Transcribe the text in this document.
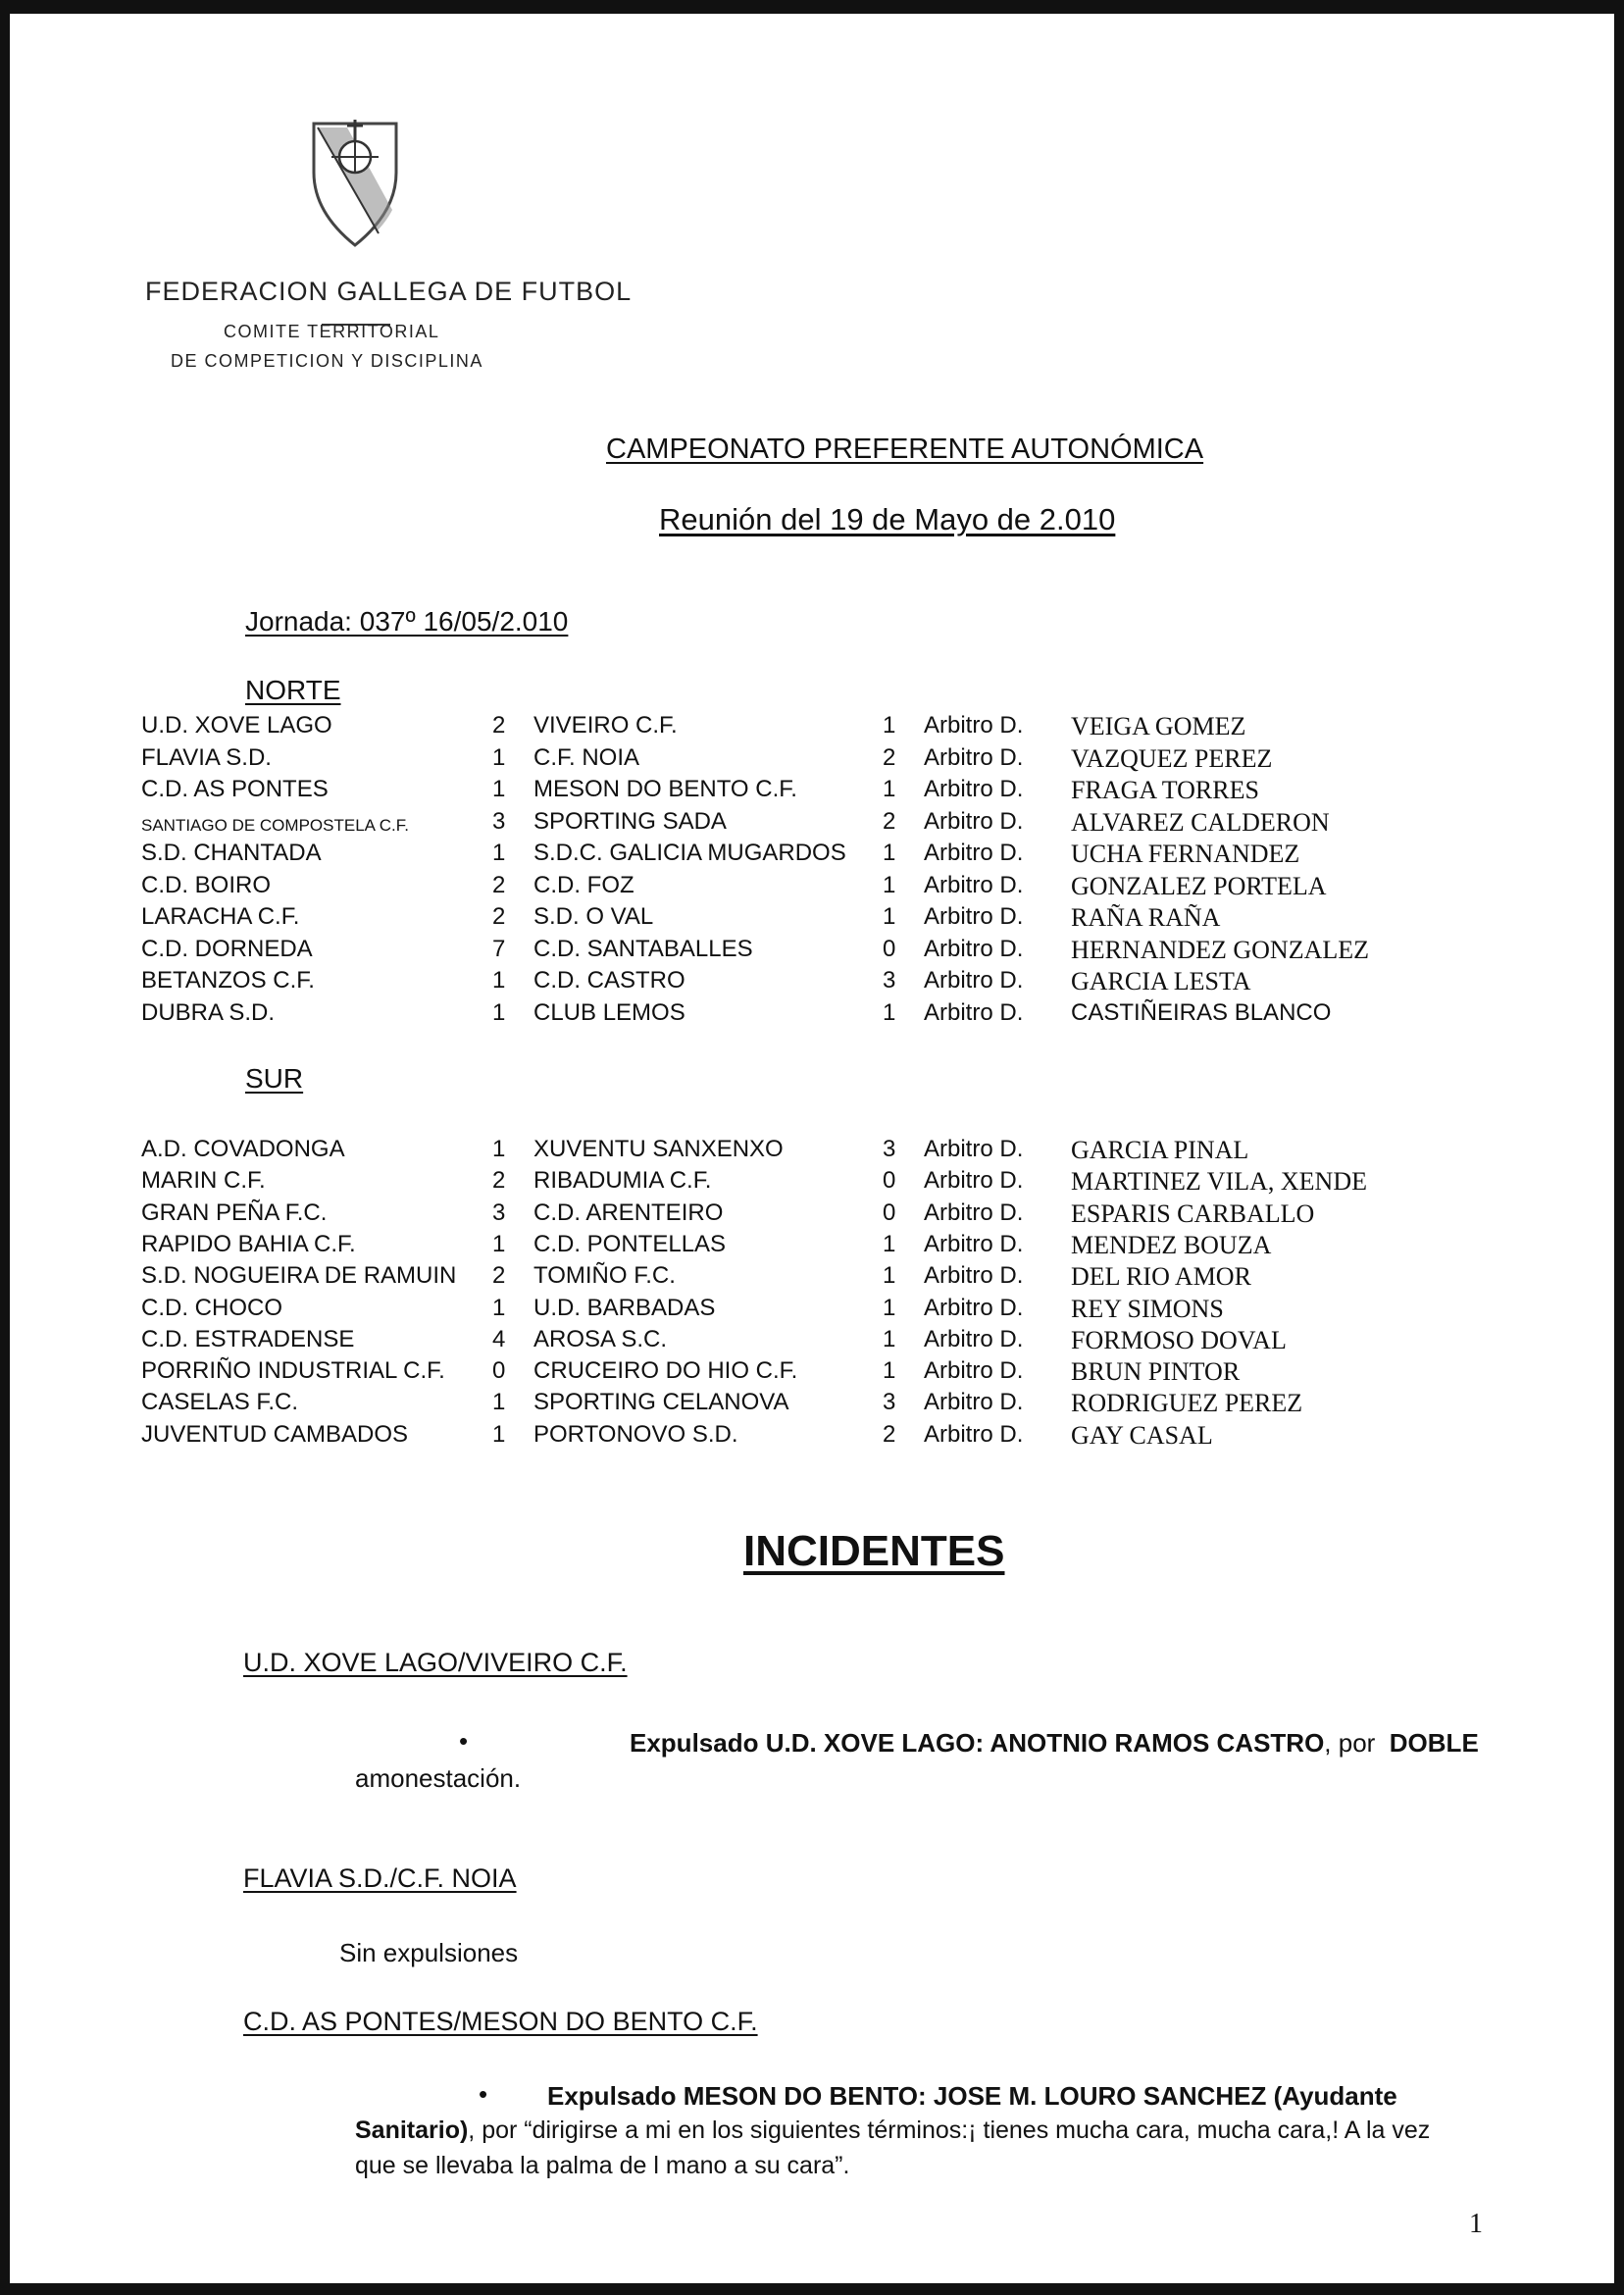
FEDERACION GALLEGA DE FUTBOL
COMITE TERRITORIAL
DE COMPETICION Y DISCIPLINA
CAMPEONATO PREFERENTE AUTONÓMICA
Reunión del 19 de Mayo de 2.010
Jornada: 037º 16/05/2.010
NORTE
U.D. XOVE LAGO	2 VIVEIRO C.F.	1 Arbitro D. VEIGA GOMEZ
FLAVIA S.D.	1 C.F. NOIA	2 Arbitro D. VAZQUEZ PEREZ
C.D. AS PONTES	1 MESON DO BENTO C.F.	1 Arbitro D. FRAGA TORRES
SANTIAGO DE COMPOSTELA C.F.	3 SPORTING SADA	2 Arbitro D. ALVAREZ CALDERON
S.D. CHANTADA	1 S.D.C. GALICIA MUGARDOS 1 Arbitro D. UCHA FERNANDEZ
C.D. BOIRO	2 C.D. FOZ	1 Arbitro D. GONZALEZ PORTELA
LARACHA C.F.	2 S.D. O VAL	1 Arbitro D. RAÑA RAÑA
C.D. DORNEDA	7 C.D. SANTABALLES	0 Arbitro D. HERNANDEZ GONZALEZ
BETANZOS C.F.	1 C.D. CASTRO	3 Arbitro D. GARCIA LESTA
DUBRA S.D.	1 CLUB LEMOS	1 Arbitro D. CASTIÑEIRAS BLANCO
SUR
A.D. COVADONGA	1 XUVENTU SANXENXO	3 Arbitro D. GARCIA PINAL
MARIN C.F.	2 RIBADUMIA C.F.	0 Arbitro D. MARTINEZ VILA, XENDE
GRAN PEÑA F.C.	3 C.D. ARENTEIRO	0 Arbitro D. ESPARIS CARBALLO
RAPIDO BAHIA C.F.	1 C.D. PONTELLAS	1 Arbitro D. MENDEZ BOUZA
S.D. NOGUEIRA DE RAMUIN 2 TOMIÑO F.C.	1 Arbitro D. DEL RIO AMOR
C.D. CHOCO	1 U.D. BARBADAS	1 Arbitro D. REY SIMONS
C.D. ESTRADENSE	4 AROSA S.C.	1 Arbitro D. FORMOSO DOVAL
PORRIÑO INDUSTRIAL C.F. 0 CRUCEIRO DO HIO C.F.	1 Arbitro D. BRUN PINTOR
CASELAS F.C.	1 SPORTING CELANOVA	3 Arbitro D. RODRIGUEZ PEREZ
JUVENTUD CAMBADOS	1 PORTONOVO S.D.	2 Arbitro D. GAY CASAL
INCIDENTES
U.D. XOVE LAGO/VIVEIRO C.F.
•	Expulsado U.D. XOVE LAGO: ANOTNIO RAMOS CASTRO, por  DOBLE
amonestación.
FLAVIA S.D./C.F. NOIA
Sin expulsiones
C.D. AS PONTES/MESON DO BENTO C.F.
• Expulsado MESON DO BENTO: JOSE M. LOURO SANCHEZ (Ayudante
Sanitario), por “dirigirse a mi en los siguientes términos:¡ tienes mucha cara, mucha cara,! A la vez
que se llevaba la palma de l mano a su cara”.
1
